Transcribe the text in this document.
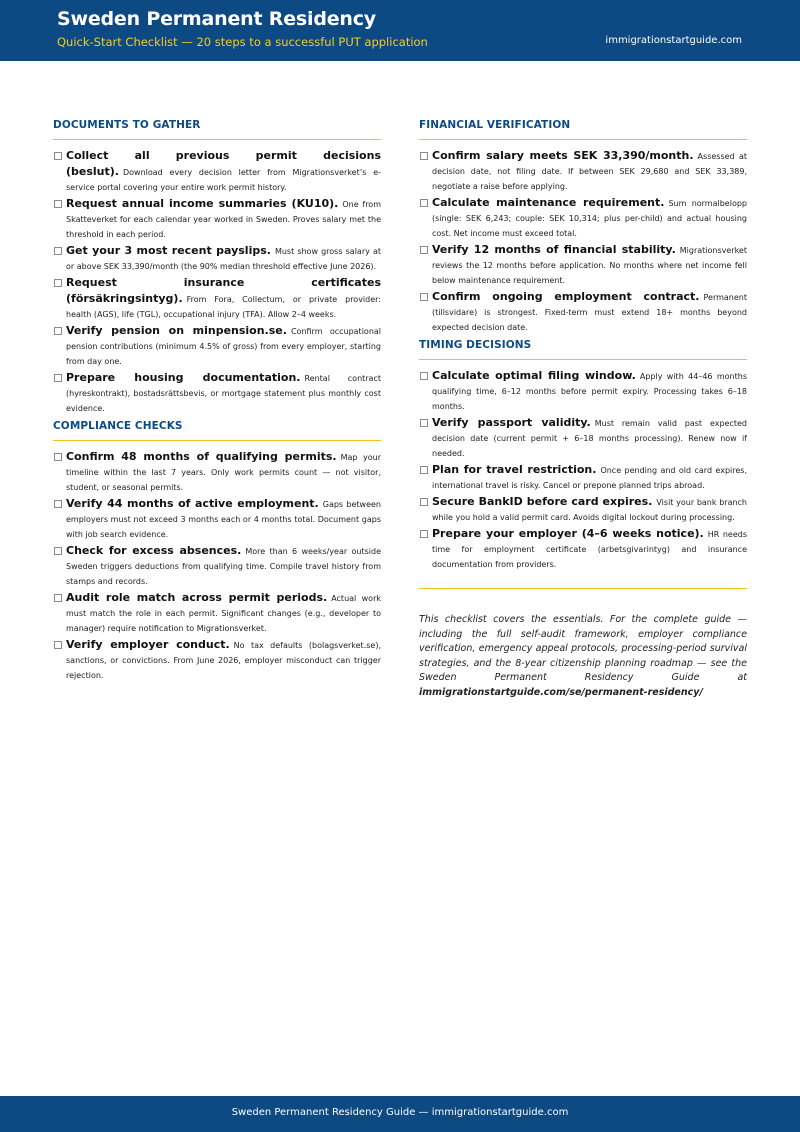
Sweden Permanent Residency
Quick-Start Checklist — 20 steps to a successful PUT application	immigrationstartguide.com
DOCUMENTS TO GATHER
Collect all previous permit decisions (beslut). Download every decision letter from Migrationsverket’s e-service portal covering your entire work permit history.
Request annual income summaries (KU10). One from Skatteverket for each calendar year worked in Sweden. Proves salary met the threshold in each period.
Get your 3 most recent payslips. Must show gross salary at or above SEK 33,390/month (the 90% median threshold effective June 2026).
Request insurance certificates (försäkringsintyg). From Fora, Collectum, or private provider: health (AGS), life (TGL), occupational injury (TFA). Allow 2–4 weeks.
Verify pension on minpension.se. Confirm occupational pension contributions (minimum 4.5% of gross) from every employer, starting from day one.
Prepare housing documentation. Rental contract (hyreskontrakt), bostadsrättsbevis, or mortgage statement plus monthly cost evidence.
COMPLIANCE CHECKS
Confirm 48 months of qualifying permits. Map your timeline within the last 7 years. Only work permits count — not visitor, student, or seasonal permits.
Verify 44 months of active employment. Gaps between employers must not exceed 3 months each or 4 months total. Document gaps with job search evidence.
Check for excess absences. More than 6 weeks/year outside Sweden triggers deductions from qualifying time. Compile travel history from stamps and records.
Audit role match across permit periods. Actual work must match the role in each permit. Significant changes (e.g., developer to manager) require notification to Migrationsverket.
Verify employer conduct. No tax defaults (bolagsverket.se), sanctions, or convictions. From June 2026, employer misconduct can trigger rejection.
FINANCIAL VERIFICATION
Confirm salary meets SEK 33,390/month. Assessed at decision date, not filing date. If between SEK 29,680 and SEK 33,389, negotiate a raise before applying.
Calculate maintenance requirement. Sum normalbelopp (single: SEK 6,243; couple: SEK 10,314; plus per-child) and actual housing cost. Net income must exceed total.
Verify 12 months of financial stability. Migrationsverket reviews the 12 months before application. No months where net income fell below maintenance requirement.
Confirm ongoing employment contract. Permanent (tillsvidare) is strongest. Fixed-term must extend 18+ months beyond expected decision date.
TIMING DECISIONS
Calculate optimal filing window. Apply with 44–46 months qualifying time, 6–12 months before permit expiry. Processing takes 6–18 months.
Verify passport validity. Must remain valid past expected decision date (current permit + 6–18 months processing). Renew now if needed.
Plan for travel restriction. Once pending and old card expires, international travel is risky. Cancel or prepone planned trips abroad.
Secure BankID before card expires. Visit your bank branch while you hold a valid permit card. Avoids digital lockout during processing.
Prepare your employer (4–6 weeks notice). HR needs time for employment certificate (arbetsgivarintyg) and insurance documentation from providers.
This checklist covers the essentials. For the complete guide — including the full self-audit framework, employer compliance verification, emergency appeal protocols, processing-period survival strategies, and the 8-year citizenship planning roadmap — see the Sweden Permanent Residency Guide at immigrationstartguide.com/se/permanent-residency/
Sweden Permanent Residency Guide — immigrationstartguide.com
